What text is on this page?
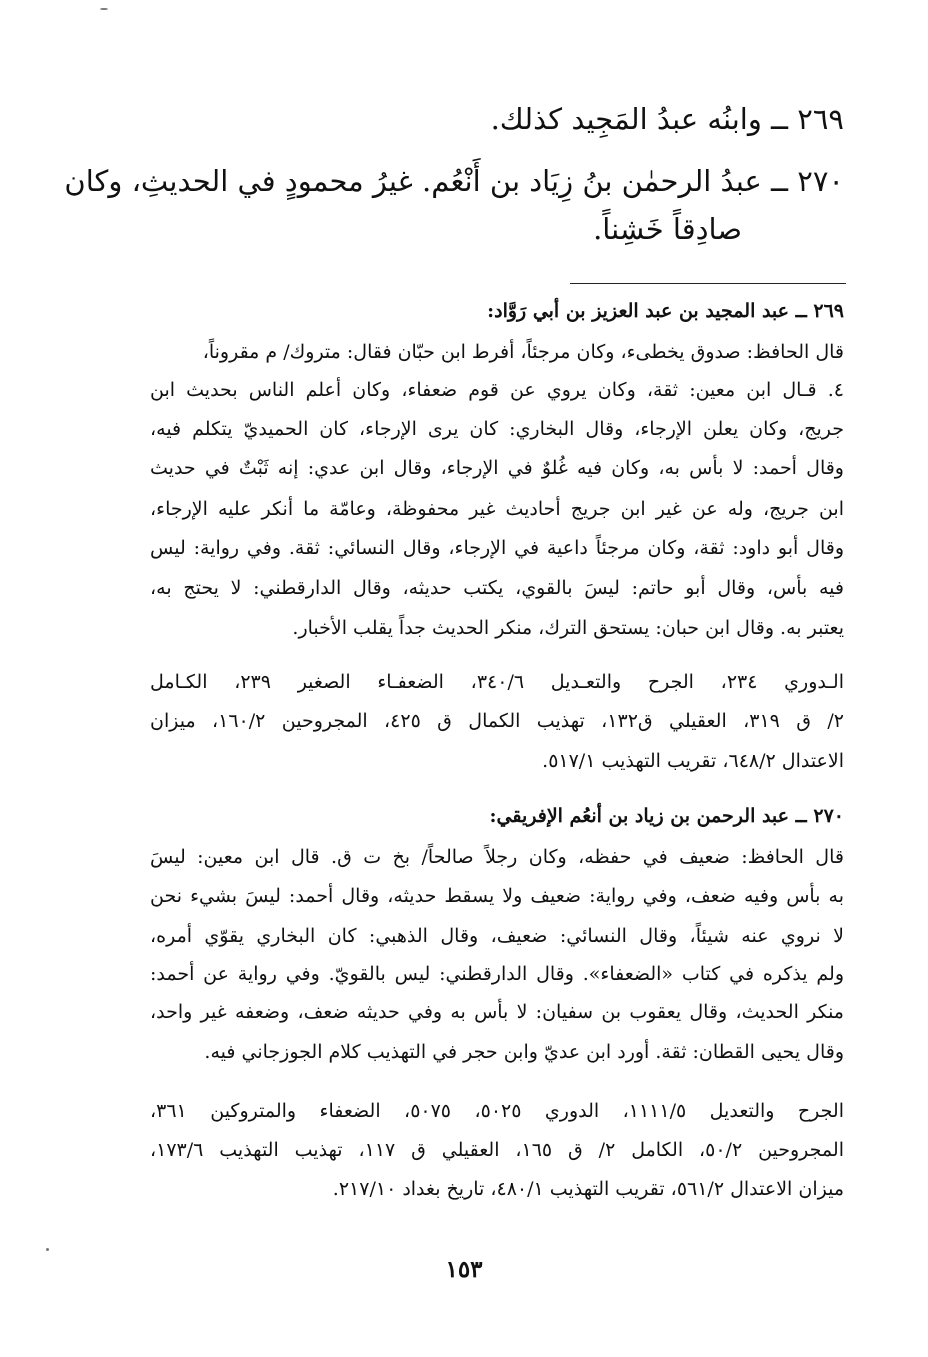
٢٦٩ ــ وابنُه عبدُ المَجِيد كذلك.
٢٧٠ ــ عبدُ الرحمٰن بنُ زِيَاد بن أَنْعُم. غيرُ محمودٍ في الحديثِ، وكان
صادِقاً خَشِناً.
٢٦٩ ــ عبد المجيد بن عبد العزيز بن أبي رَوَّاد:
قال الحافظ: صدوق يخطىء، وكان مرجئاً، أفرط ابن حبّان فقال: متروك/ م مقروناً،
٤. قـال ابن معين: ثقة، وكان يروي عن قوم ضعفاء، وكان أعلم الناس بحديث ابن
جريج، وكان يعلن الإرجاء، وقال البخاري: كان يرى الإرجاء، كان الحميديّ يتكلم فيه،
وقال أحمد: لا بأس به، وكان فيه غُلوٌ في الإرجاء، وقال ابن عدي: إنه ثَبْتٌ في حديث
ابن جريج، وله عن غير ابن جريج أحاديث غير محفوظة، وعامّة ما أنكر عليه الإرجاء،
وقال أبو داود: ثقة، وكان مرجئاً داعية في الإرجاء، وقال النسائي: ثقة. وفي رواية: ليس
فيه بأس، وقال أبو حاتم: ليسَ بالقوي، يكتب حديثه، وقال الدارقطني: لا يحتج به،
يعتبر به. وقال ابن حبان: يستحق الترك، منكر الحديث جداً يقلب الأخبار.
الـدوري ٢٣٤، الجرح والتعـديل ٣٤٠/٦، الضعفـاء الصغير ٢٣٩، الكـامل
٢/ ق ٣١٩، العقيلي ق١٣٢، تهذيب الكمال ق ٤٢٥، المجروحين ١٦٠/٢، ميزان
الاعتدال ٦٤٨/٢، تقريب التهذيب ٥١٧/١.
٢٧٠ ــ عبد الرحمن بن زياد بن أنعُم الإفريقي:
قال الحافظ: ضعيف في حفظه، وكان رجلاً صالحاً/ بخ ت ق. قال ابن معين: ليسَ
به بأس وفيه ضعف، وفي رواية: ضعيف ولا يسقط حديثه، وقال أحمد: ليسَ بشيء نحن
لا نروي عنه شيئاً، وقال النسائي: ضعيف، وقال الذهبي: كان البخاري يقوّي أمره،
ولم يذكره في كتاب «الضعفاء». وقال الدارقطني: ليس بالقويّ. وفي رواية عن أحمد:
منكر الحديث، وقال يعقوب بن سفيان: لا بأس به وفي حديثه ضعف، وضعفه غير واحد،
وقال يحيى القطان: ثقة. أورد ابن عديّ وابن حجر في التهذيب كلام الجوزجاني فيه.
الجرح والتعديل ١١١١/٥، الدوري ٥٠٢٥، ٥٠٧٥، الضعفاء والمتروكين ٣٦١،
المجروحين ٥٠/٢، الكامل ٢/ ق ١٦٥، العقيلي ق ١١٧، تهذيب التهذيب ١٧٣/٦،
ميزان الاعتدال ٥٦١/٢، تقريب التهذيب ٤٨٠/١، تاريخ بغداد ٢١٧/١٠.
١٥٣
